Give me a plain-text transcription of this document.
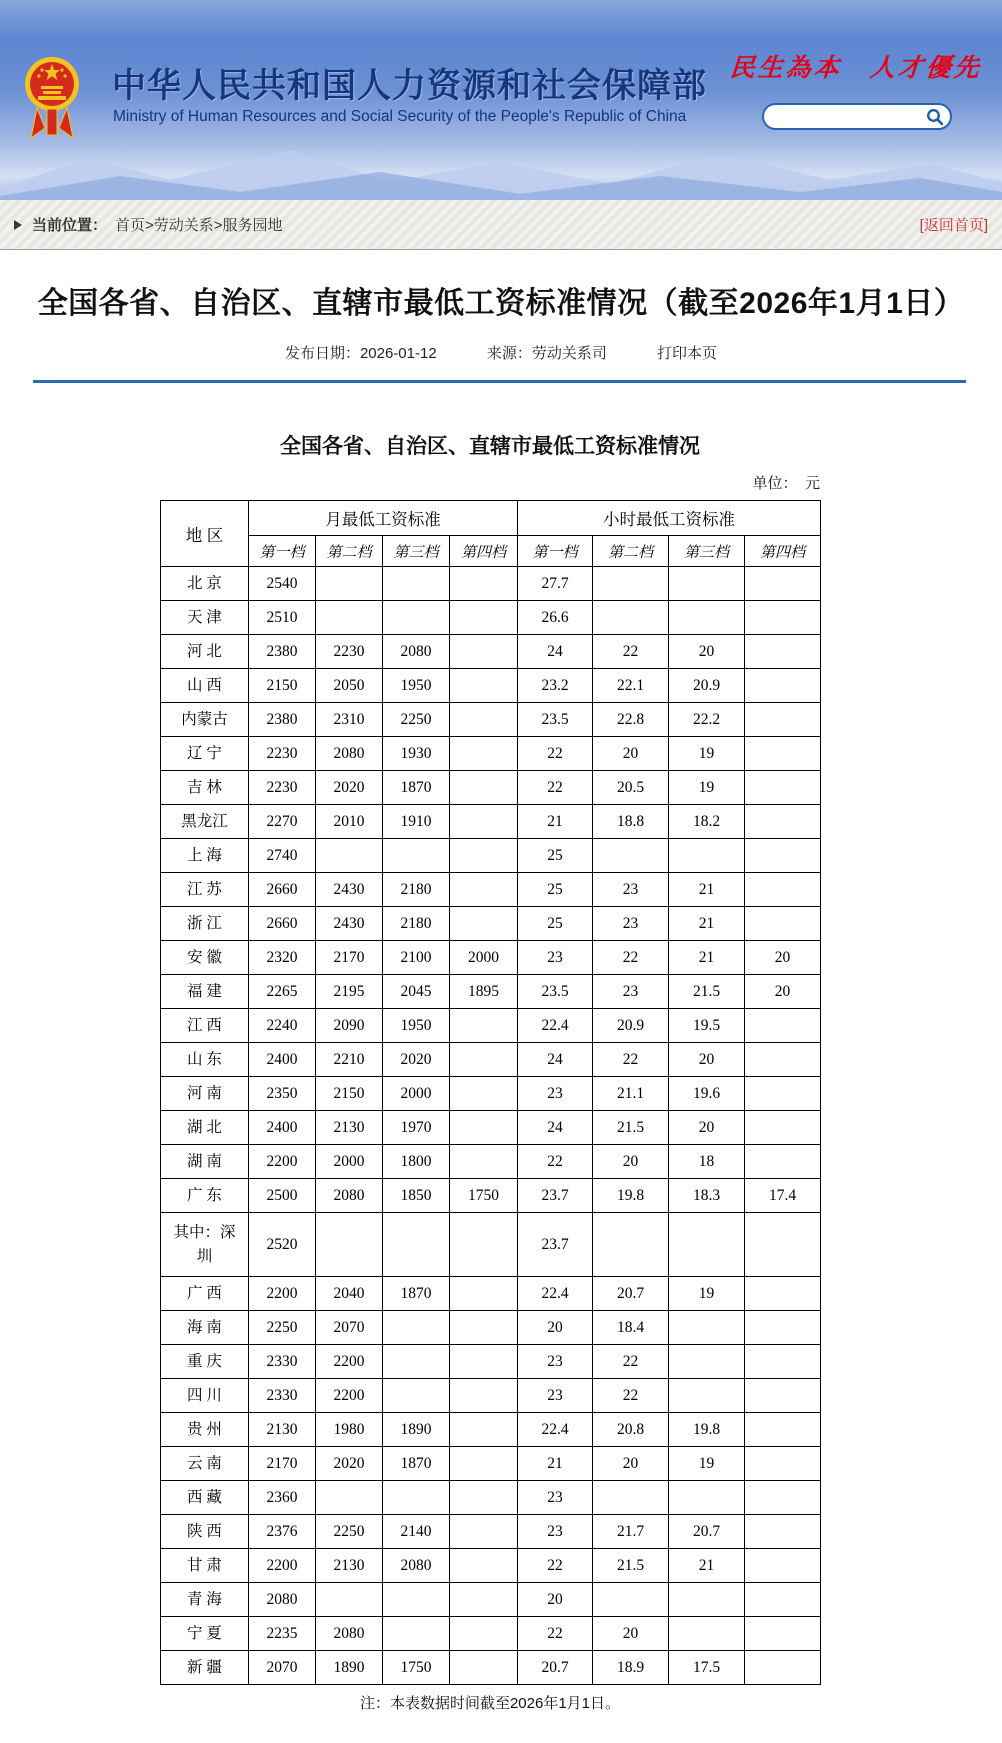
中华人民共和国人力资源和社会保障部
Ministry of Human Resources and Social Security of the People's Republic of China
民生為本　人才優先
当前位置： 首页>劳动关系>服务园地	[返回首页]
全国各省、自治区、直辖市最低工资标准情况（截至2026年1月1日）
发布日期：2026-01-12	来源：劳动关系司	打印本页
全国各省、自治区、直辖市最低工资标准情况
单位：　元
地 区	月最低工资标准				小时最低工资标准			
	第一档	第二档	第三档	第四档	第一档	第二档	第三档	第四档
北 京	2540				27.7			
天 津	2510				26.6			
河 北	2380	2230	2080		24	22	20	
山 西	2150	2050	1950		23.2	22.1	20.9	
内蒙古	2380	2310	2250		23.5	22.8	22.2	
辽 宁	2230	2080	1930		22	20	19	
吉 林	2230	2020	1870		22	20.5	19	
黑龙江	2270	2010	1910		21	18.8	18.2	
上 海	2740				25			
江 苏	2660	2430	2180		25	23	21	
浙 江	2660	2430	2180		25	23	21	
安 徽	2320	2170	2100	2000	23	22	21	20
福 建	2265	2195	2045	1895	23.5	23	21.5	20
江 西	2240	2090	1950		22.4	20.9	19.5	
山 东	2400	2210	2020		24	22	20	
河 南	2350	2150	2000		23	21.1	19.6	
湖 北	2400	2130	1970		24	21.5	20	
湖 南	2200	2000	1800		22	20	18	
广 东	2500	2080	1850	1750	23.7	19.8	18.3	17.4
其中：深圳	2520				23.7			
广 西	2200	2040	1870		22.4	20.7	19	
海 南	2250	2070			20	18.4		
重 庆	2330	2200			23	22		
四 川	2330	2200			23	22		
贵 州	2130	1980	1890		22.4	20.8	19.8	
云 南	2170	2020	1870		21	20	19	
西 藏	2360				23			
陕 西	2376	2250	2140		23	21.7	20.7	
甘 肃	2200	2130	2080		22	21.5	21	
青 海	2080				20			
宁 夏	2235	2080			22	20		
新 疆	2070	1890	1750		20.7	18.9	17.5	
注：本表数据时间截至2026年1月1日。
